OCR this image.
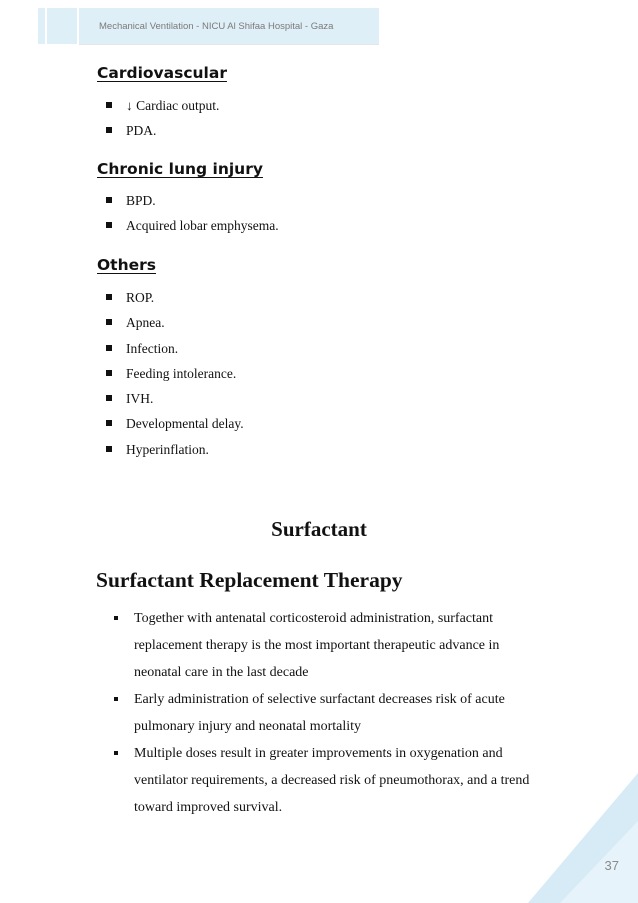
Mechanical Ventilation - NICU Al Shifaa Hospital - Gaza
Cardiovascular
↓ Cardiac output.
PDA.
Chronic lung injury
BPD.
Acquired lobar emphysema.
Others
ROP.
Apnea.
Infection.
Feeding intolerance.
IVH.
Developmental delay.
Hyperinflation.
Surfactant
Surfactant Replacement Therapy
Together with antenatal corticosteroid administration, surfactant replacement therapy is the most important therapeutic advance in neonatal care in the last decade
Early administration of selective surfactant decreases risk of acute pulmonary injury and neonatal mortality
Multiple doses result in greater improvements in oxygenation and ventilator requirements, a decreased risk of pneumothorax, and a trend toward improved survival.
37
